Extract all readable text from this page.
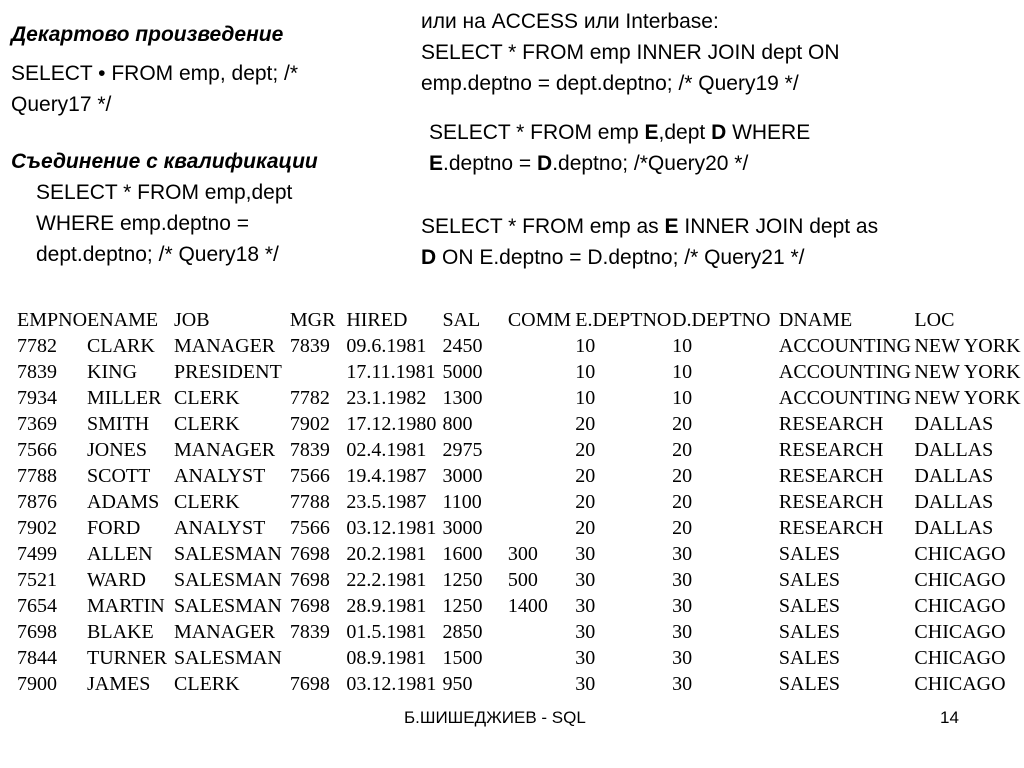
Декартово произведение
SELECT • FROM emp, dept; /*
Query17 */
Съединение с квалификации
SELECT * FROM emp,dept
WHERE emp.deptno =
dept.deptno; /* Query18 */
или на ACCESS или Interbase:
SELECT * FROM emp INNER JOIN dept ON
emp.deptno = dept.deptno; /* Query19 */
SELECT * FROM emp E,dept D WHERE
E.deptno = D.deptno; /*Query20 */
SELECT * FROM emp as E INNER JOIN dept as
D ON E.deptno = D.deptno; /* Query21 */
EMPNO	ENAME	JOB	MGR	HIRED	SAL	COMM	E.DEPTNO	D.DEPTNO	DNAME	LOC
7782	CLARK	MANAGER	7839	09.6.1981	2450		10	10	ACCOUNTING	NEW YORK
7839	KING	PRESIDENT		17.11.1981	5000		10	10	ACCOUNTING	NEW YORK
7934	MILLER	CLERK	7782	23.1.1982	1300		10	10	ACCOUNTING	NEW YORK
7369	SMITH	CLERK	7902	17.12.1980	800		20	20	RESEARCH	DALLAS
7566	JONES	MANAGER	7839	02.4.1981	2975		20	20	RESEARCH	DALLAS
7788	SCOTT	ANALYST	7566	19.4.1987	3000		20	20	RESEARCH	DALLAS
7876	ADAMS	CLERK	7788	23.5.1987	1100		20	20	RESEARCH	DALLAS
7902	FORD	ANALYST	7566	03.12.1981	3000		20	20	RESEARCH	DALLAS
7499	ALLEN	SALESMAN	7698	20.2.1981	1600	300	30	30	SALES	CHICAGO
7521	WARD	SALESMAN	7698	22.2.1981	1250	500	30	30	SALES	CHICAGO
7654	MARTIN	SALESMAN	7698	28.9.1981	1250	1400	30	30	SALES	CHICAGO
7698	BLAKE	MANAGER	7839	01.5.1981	2850		30	30	SALES	CHICAGO
7844	TURNER	SALESMAN		08.9.1981	1500		30	30	SALES	CHICAGO
7900	JAMES	CLERK	7698	03.12.1981	950		30	30	SALES	CHICAGO
Б.ШИШЕДЖИЕВ - SQL	14
